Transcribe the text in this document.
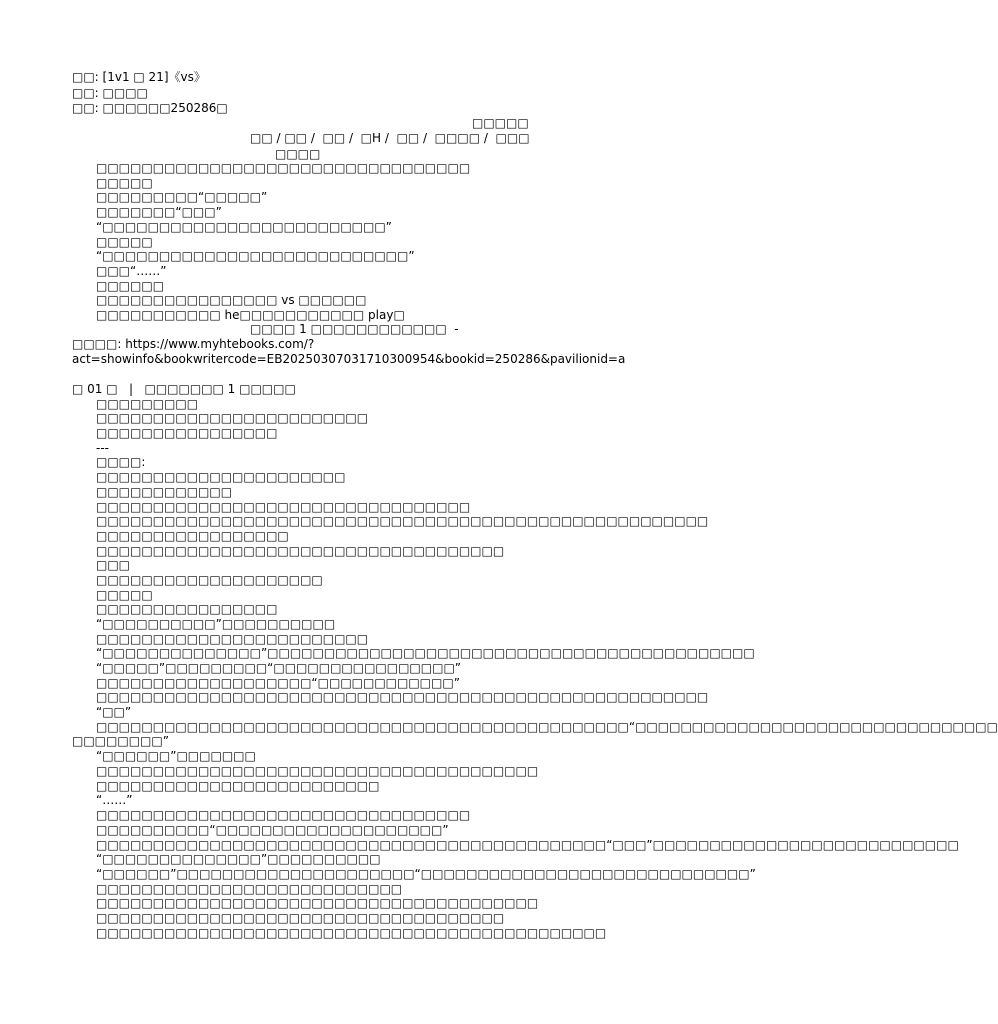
□□: [1v1 □ 21]《vs》
□□: □□□□
□□: □□□□□□250286□
□□□□□
□□ / □□ /  □□ /  □H /  □□ /  □□□□ /  □□□
□□□□
□□□□□□□□□□□□□□□□□□□□□□□□□□□□□□□□□
□□□□□
□□□□□□□□□“□□□□□”
□□□□□□□“□□□”
“□□□□□□□□□□□□□□□□□□□□□□□□□”
□□□□□
“□□□□□□□□□□□□□□□□□□□□□□□□□□□”
□□□“……”
□□□□□□
□□□□□□□□□□□□□□□□ vs □□□□□□
□□□□□□□□□□□ he□□□□□□□□□□□ play□
□□□□ 1 □□□□□□□□□□□□  -
□□□□: https://www.myhtebooks.com/?
act=showinfo&bookwritercode=EB20250307031710300954&bookid=250286&pavilionid=a
□ 01 □   |   □□□□□□□ 1 □□□□□
□□□□□□□□□
□□□□□□□□□□□□□□□□□□□□□□□□
□□□□□□□□□□□□□□□□
---
□□□□:
□□□□□□□□□□□□□□□□□□□□□□
□□□□□□□□□□□□
□□□□□□□□□□□□□□□□□□□□□□□□□□□□□□□□□
□□□□□□□□□□□□□□□□□□□□□□□□□□□□□□□□□□□□□□□□□□□□□□□□□□□□□□
□□□□□□□□□□□□□□□□□
□□□□□□□□□□□□□□□□□□□□□□□□□□□□□□□□□□□□
□□□
□□□□□□□□□□□□□□□□□□□□
□□□□□
□□□□□□□□□□□□□□□□
“□□□□□□□□□□”□□□□□□□□□□
□□□□□□□□□□□□□□□□□□□□□□□□
“□□□□□□□□□□□□□□”□□□□□□□□□□□□□□□□□□□□□□□□□□□□□□□□□□□□□□□□□□□
“□□□□□”□□□□□□□□□“□□□□□□□□□□□□□□□□”
□□□□□□□□□□□□□□□□□□□“□□□□□□□□□□□□”
□□□□□□□□□□□□□□□□□□□□□□□□□□□□□□□□□□□□□□□□□□□□□□□□□□□□□□
“□□”
□□□□□□□□□□□□□□□□□□□□□□□□□□□□□□□□□□□□□□□□□□□□□□□“□□□□□□□□□□□□□□□□□□□□□□□□□□□□□□□□
□□□□□□□□”
“□□□□□□”□□□□□□□
□□□□□□□□□□□□□□□□□□□□□□□□□□□□□□□□□□□□□□□
□□□□□□□□□□□□□□□□□□□□□□□□□
“……”
□□□□□□□□□□□□□□□□□□□□□□□□□□□□□□□□□
□□□□□□□□□□“□□□□□□□□□□□□□□□□□□□□”
□□□□□□□□□□□□□□□□□□□□□□□□□□□□□□□□□□□□□□□□□□□□□“□□□”□□□□□□□□□□□□□□□□□□□□□□□□□□□
“□□□□□□□□□□□□□□”□□□□□□□□□□
“□□□□□□”□□□□□□□□□□□□□□□□□□□□□“□□□□□□□□□□□□□□□□□□□□□□□□□□□□□”
□□□□□□□□□□□□□□□□□□□□□□□□□□□
□□□□□□□□□□□□□□□□□□□□□□□□□□□□□□□□□□□□□□□
□□□□□□□□□□□□□□□□□□□□□□□□□□□□□□□□□□□□
□□□□□□□□□□□□□□□□□□□□□□□□□□□□□□□□□□□□□□□□□□□□□
